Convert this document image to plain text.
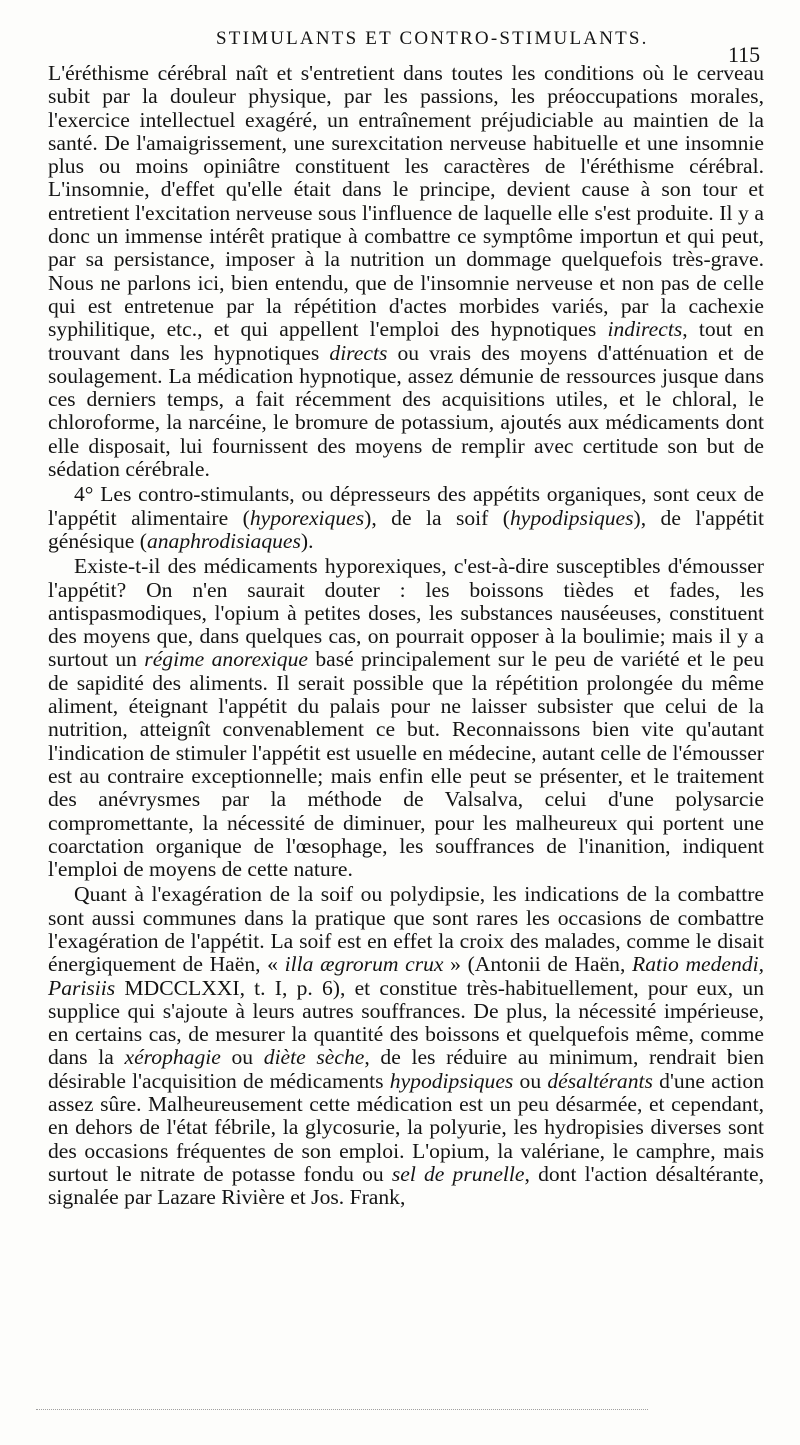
STIMULANTS ET CONTRO-STIMULANTS.
115

L'éréthisme cérébral naît et s'entretient dans toutes les conditions où le cerveau subit par la douleur physique, par les passions, les préoccupations morales, l'exercice intellectuel exagéré, un entraînement préjudiciable au maintien de la santé. De l'amaigrissement, une surexcitation nerveuse habituelle et une insomnie plus ou moins opiniâtre constituent les caractères de l'éréthisme cérébral. L'insomnie, d'effet qu'elle était dans le principe, devient cause à son tour et entretient l'excitation nerveuse sous l'influence de laquelle elle s'est produite. Il y a donc un immense intérêt pratique à combattre ce symptôme importun et qui peut, par sa persistance, imposer à la nutrition un dommage quelquefois très-grave. Nous ne parlons ici, bien entendu, que de l'insomnie nerveuse et non pas de celle qui est entretenue par la répétition d'actes morbides variés, par la cachexie syphilitique, etc., et qui appellent l'emploi des hypnotiques indirects, tout en trouvant dans les hypnotiques directs ou vrais des moyens d'atténuation et de soulagement. La médication hypnotique, assez démunie de ressources jusque dans ces derniers temps, a fait récemment des acquisitions utiles, et le chloral, le chloroforme, la narcéine, le bromure de potassium, ajoutés aux médicaments dont elle disposait, lui fournissent des moyens de remplir avec certitude son but de sédation cérébrale.

4° Les contro-stimulants, ou dépresseurs des appétits organiques, sont ceux de l'appétit alimentaire (hyporexiques), de la soif (hypodipsiques), de l'appétit génésique (anaphrodisiaques).

Existe-t-il des médicaments hyporexiques, c'est-à-dire susceptibles d'émousser l'appétit? On n'en saurait douter : les boissons tièdes et fades, les antispasmodiques, l'opium à petites doses, les substances nauséeuses, constituent des moyens que, dans quelques cas, on pourrait opposer à la boulimie; mais il y a surtout un régime anorexique basé principalement sur le peu de variété et le peu de sapidité des aliments. Il serait possible que la répétition prolongée du même aliment, éteignant l'appétit du palais pour ne laisser subsister que celui de la nutrition, atteignît convenablement ce but. Reconnaissons bien vite qu'autant l'indication de stimuler l'appétit est usuelle en médecine, autant celle de l'émousser est au contraire exceptionnelle; mais enfin elle peut se présenter, et le traitement des anévrysmes par la méthode de Valsalva, celui d'une polysarcie compromettante, la nécessité de diminuer, pour les malheureux qui portent une coarctation organique de l'œsophage, les souffrances de l'inanition, indiquent l'emploi de moyens de cette nature.

Quant à l'exagération de la soif ou polydipsie, les indications de la combattre sont aussi communes dans la pratique que sont rares les occasions de combattre l'exagération de l'appétit. La soif est en effet la croix des malades, comme le disait énergiquement de Haën, « illa ægrorum crux » (Antonii de Haën, Ratio medendi, Parisiis MDCCLXXI, t. I, p. 6), et constitue très-habituellement, pour eux, un supplice qui s'ajoute à leurs autres souffrances. De plus, la nécessité impérieuse, en certains cas, de mesurer la quantité des boissons et quelquefois même, comme dans la xérophagie ou diète sèche, de les réduire au minimum, rendrait bien désirable l'acquisition de médicaments hypodipsiques ou désaltérants d'une action assez sûre. Malheureusement cette médication est un peu désarmée, et cependant, en dehors de l'état fébrile, la glycosurie, la polyurie, les hydropisies diverses sont des occasions fréquentes de son emploi. L'opium, la valériane, le camphre, mais surtout le nitrate de potasse fondu ou sel de prunelle, dont l'action désaltérante, signalée par Lazare Rivière et Jos. Frank,
